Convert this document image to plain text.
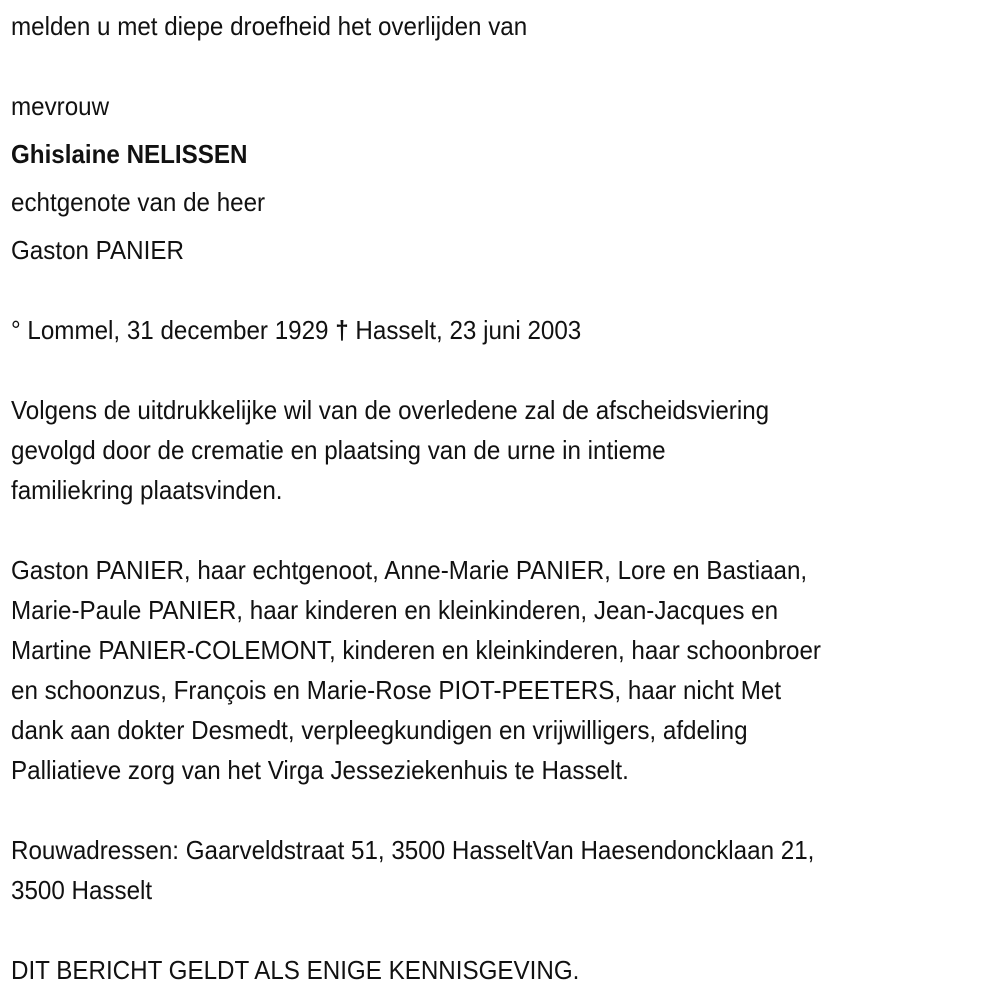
melden u met diepe droefheid het overlijden van
mevrouw
Ghislaine NELISSEN
echtgenote van de heer
Gaston PANIER
° Lommel, 31 december 1929 † Hasselt, 23 juni 2003
Volgens de uitdrukkelijke wil van de overledene zal de afscheidsviering
gevolgd door de crematie en plaatsing van de urne in intieme
familiekring plaatsvinden.
Gaston PANIER, haar echtgenoot, Anne-Marie PANIER, Lore en Bastiaan,
Marie-Paule PANIER, haar kinderen en kleinkinderen, Jean-Jacques en
Martine PANIER-COLEMONT, kinderen en kleinkinderen, haar schoonbroer
en schoonzus, François en Marie-Rose PIOT-PEETERS, haar nicht Met
dank aan dokter Desmedt, verpleegkundigen en vrijwilligers, afdeling
Palliatieve zorg van het Virga Jesseziekenhuis te Hasselt.
Rouwadressen: Gaarveldstraat 51, 3500 HasseltVan Haesendoncklaan 21,
3500 Hasselt
DIT BERICHT GELDT ALS ENIGE KENNISGEVING.
